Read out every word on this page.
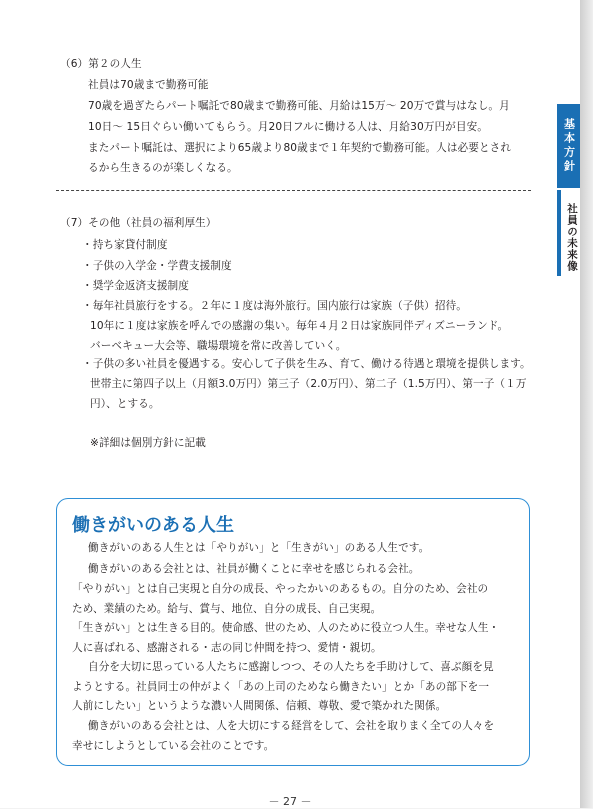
（6）第２の人生
社員は70歳まで勤務可能
70歳を過ぎたらパート嘱託で80歳まで勤務可能、月給は15万～ 20万で賞与はなし。月
10日～ 15日ぐらい働いてもらう。月20日フルに働ける人は、月給30万円が目安。
またパート嘱託は、選択により65歳より80歳まで１年契約で勤務可能。人は必要とされ
るから生きるのが楽しくなる。
（7）その他（社員の福利厚生）
・持ち家貸付制度
・子供の入学金・学費支援制度
・奨学金返済支援制度
・毎年社員旅行をする。２年に１度は海外旅行。国内旅行は家族（子供）招待。
10年に１度は家族を呼んでの感謝の集い。毎年４月２日は家族同伴ディズニーランド。
バーベキュー大会等、職場環境を常に改善していく。
・子供の多い社員を優遇する。安心して子供を生み、育て、働ける待遇と環境を提供します。
世帯主に第四子以上（月額3.0万円）第三子（2.0万円）、第二子（1.5万円）、第一子（１万
円）、とする。
※詳細は個別方針に記載
基本方針
社員の未来像
働きがいのある人生
働きがいのある人生とは「やりがい」と「生きがい」のある人生です。
働きがいのある会社とは、社員が働くことに幸せを感じられる会社。
「やりがい」とは自己実現と自分の成長、やったかいのあるもの。自分のため、会社の
ため、業績のため。給与、賞与、地位、自分の成長、自己実現。
「生きがい」とは生きる目的。使命感、世のため、人のために役立つ人生。幸せな人生・
人に喜ばれる、感謝される・志の同じ仲間を持つ、愛情・親切。
自分を大切に思っている人たちに感謝しつつ、その人たちを手助けして、喜ぶ顔を見
ようとする。社員同士の仲がよく「あの上司のためなら働きたい」とか「あの部下を一
人前にしたい」というような濃い人間関係、信頼、尊敬、愛で築かれた関係。
働きがいのある会社とは、人を大切にする経営をして、会社を取りまく全ての人々を
幸せにしようとしている会社のことです。
－ 27 －
